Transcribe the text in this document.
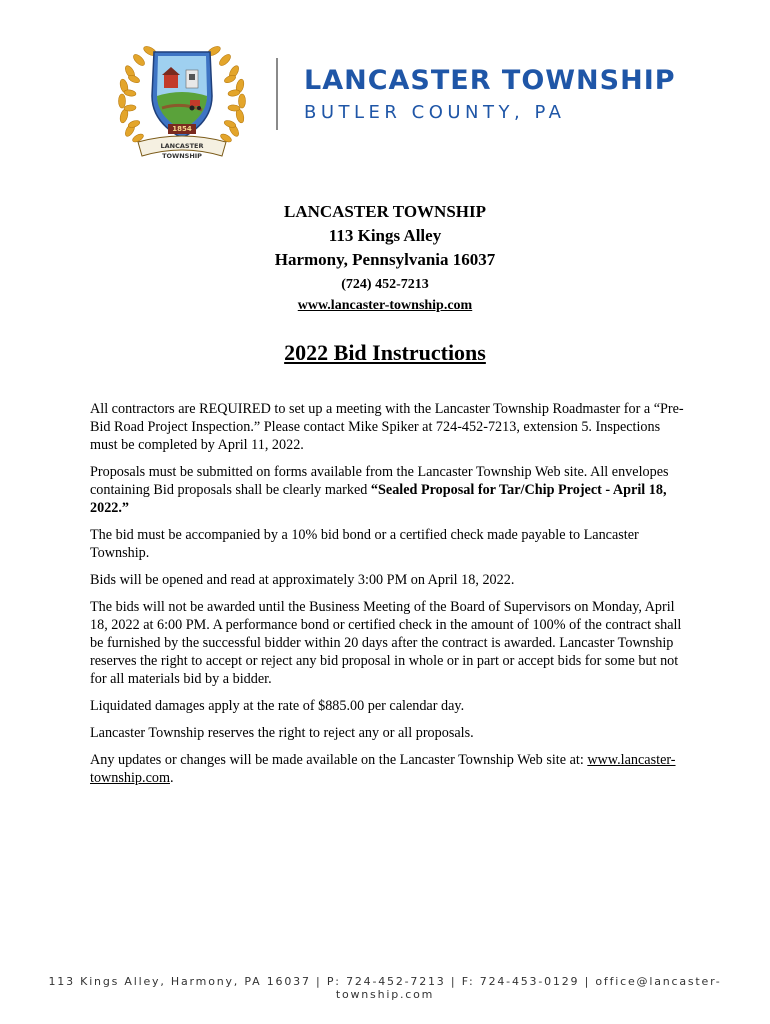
1854
LANCASTER TOWNSHIP
LANCASTER TOWNSHIP
BUTLER COUNTY, PA
LANCASTER TOWNSHIP
113 Kings Alley
Harmony, Pennsylvania 16037
(724) 452-7213
www.lancaster-township.com
2022 Bid Instructions

All contractors are REQUIRED to set up a meeting with the Lancaster Township Roadmaster for a “Pre-Bid Road Project Inspection.” Please contact Mike Spiker at 724-452-7213, extension 5. Inspections must be completed by April 11, 2022.

Proposals must be submitted on forms available from the Lancaster Township Web site. All envelopes containing Bid proposals shall be clearly marked “Sealed Proposal for Tar/Chip Project - April 18, 2022.”

The bid must be accompanied by a 10% bid bond or a certified check made payable to Lancaster Township.

Bids will be opened and read at approximately 3:00 PM on April 18, 2022.

The bids will not be awarded until the Business Meeting of the Board of Supervisors on Monday, April 18, 2022 at 6:00 PM. A performance bond or certified check in the amount of 100% of the contract shall be furnished by the successful bidder within 20 days after the contract is awarded. Lancaster Township reserves the right to accept or reject any bid proposal in whole or in part or accept bids for some but not for all materials bid by a bidder.

Liquidated damages apply at the rate of $885.00 per calendar day.

Lancaster Township reserves the right to reject any or all proposals.

Any updates or changes will be made available on the Lancaster Township Web site at: www.lancaster-township.com.

113 Kings Alley, Harmony, PA 16037 | P: 724-452-7213 | F: 724-453-0129 | office@lancaster-township.com
